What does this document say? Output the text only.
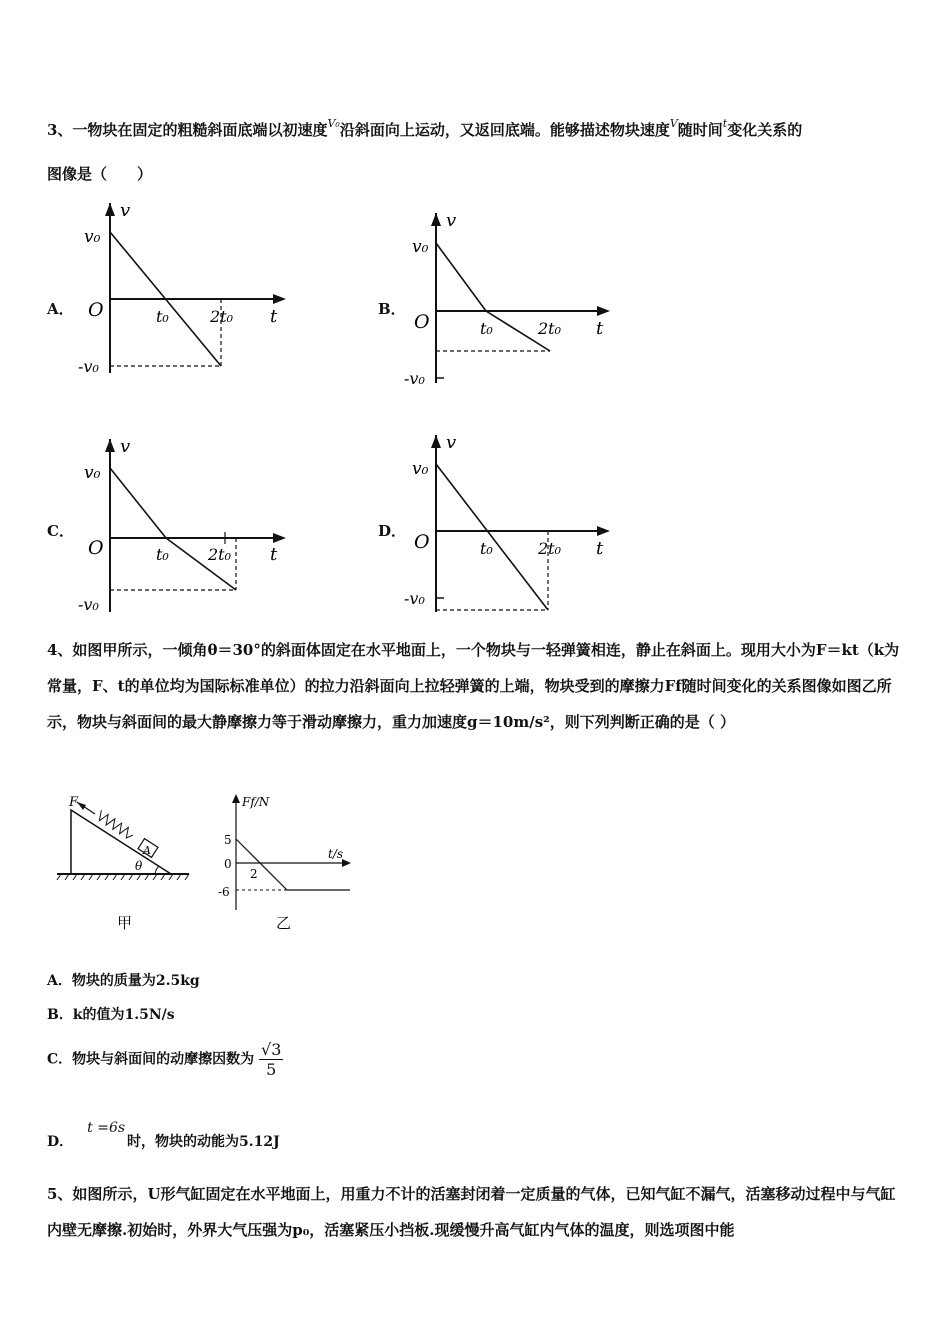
3、一物块在固定的粗糙斜面底端以初速度$^{V_0}$沿斜面向上运动，又返回底端。能够描述物块速度$^V$随时间$^t$变化关系的
图像是（　　）
A．	B．
C．	D．
v
v₀
O	t₀	2t₀ t
-v₀
v
v₀
O	t₀	2t₀ t
-v₀
v
v₀
O	t₀ 2t₀ t
-v₀
v
v₀
O	t₀	2t₀ t
-v₀
4、如图甲所示，一倾角θ＝30°的斜面体固定在水平地面上，一个物块与一轻弹簧相连，静止在斜面上。现用大小为F＝kt（k为常量，F、t的单位均为国际标准单位）的拉力沿斜面向上拉轻弹簧的上端，物块受到的摩擦力Ff随时间变化的关系图像如图乙所示，物块与斜面间的最大静摩擦力等于滑动摩擦力，重力加速度g＝10m/s²，则下列判断正确的是（ ）
A
F
θ
甲
Ff/N
t/s
5
0
-6
2
乙
A．物块的质量为2.5kg
B．k的值为1.5N/s
C．物块与斜面间的动摩擦因数为 $\frac{√3}{5}$
D．t =6s时，物块的动能为5.12J
5、如图所示，U形气缸固定在水平地面上，用重力不计的活塞封闭着一定质量的气体，已知气缸不漏气，活塞移动过程中与气缸内壁无摩擦.初始时，外界大气压强为p₀，活塞紧压小挡板.现缓慢升高气缸内气体的温度，则选项图中能
